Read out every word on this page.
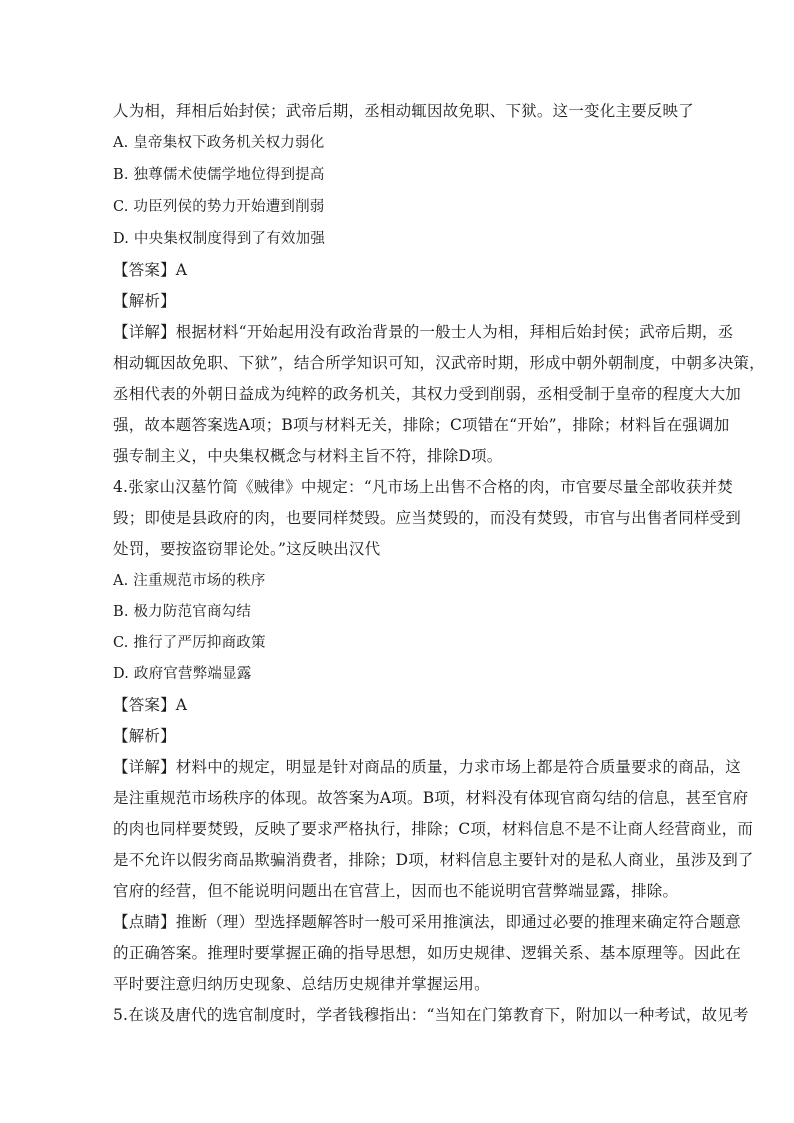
人为相，拜相后始封侯；武帝后期，丞相动辄因故免职、下狱。这一变化主要反映了
A. 皇帝集权下政务机关权力弱化
B. 独尊儒术使儒学地位得到提高
C. 功臣列侯的势力开始遭到削弱
D. 中央集权制度得到了有效加强
【答案】A
【解析】
【详解】根据材料“开始起用没有政治背景的一般士人为相，拜相后始封侯；武帝后期，丞
相动辄因故免职、下狱”，结合所学知识可知，汉武帝时期，形成中朝外朝制度，中朝多决策，
丞相代表的外朝日益成为纯粹的政务机关，其权力受到削弱，丞相受制于皇帝的程度大大加
强，故本题答案选A项；B项与材料无关，排除；C项错在“开始”，排除；材料旨在强调加
强专制主义，中央集权概念与材料主旨不符，排除D项。
4.张家山汉墓竹简《贼律》中规定：“凡市场上出售不合格的肉，市官要尽量全部收获并焚
毁；即使是县政府的肉，也要同样焚毁。应当焚毁的，而没有焚毁，市官与出售者同样受到
处罚，要按盗窃罪论处。”这反映出汉代
A. 注重规范市场的秩序
B. 极力防范官商勾结
C. 推行了严厉抑商政策
D. 政府官营弊端显露
【答案】A
【解析】
【详解】材料中的规定，明显是针对商品的质量，力求市场上都是符合质量要求的商品，这
是注重规范市场秩序的体现。故答案为A项。B项，材料没有体现官商勾结的信息，甚至官府
的肉也同样要焚毁，反映了要求严格执行，排除；C项，材料信息不是不让商人经营商业，而
是不允许以假劣商品欺骗消费者，排除；D项，材料信息主要针对的是私人商业，虽涉及到了
官府的经营，但不能说明问题出在官营上，因而也不能说明官营弊端显露，排除。
【点睛】推断（理）型选择题解答时一般可采用推演法，即通过必要的推理来确定符合题意
的正确答案。推理时要掌握正确的指导思想，如历史规律、逻辑关系、基本原理等。因此在
平时要注意归纳历史现象、总结历史规律并掌握运用。
5.在谈及唐代的选官制度时，学者钱穆指出：“当知在门第教育下，附加以一种考试，故见考
